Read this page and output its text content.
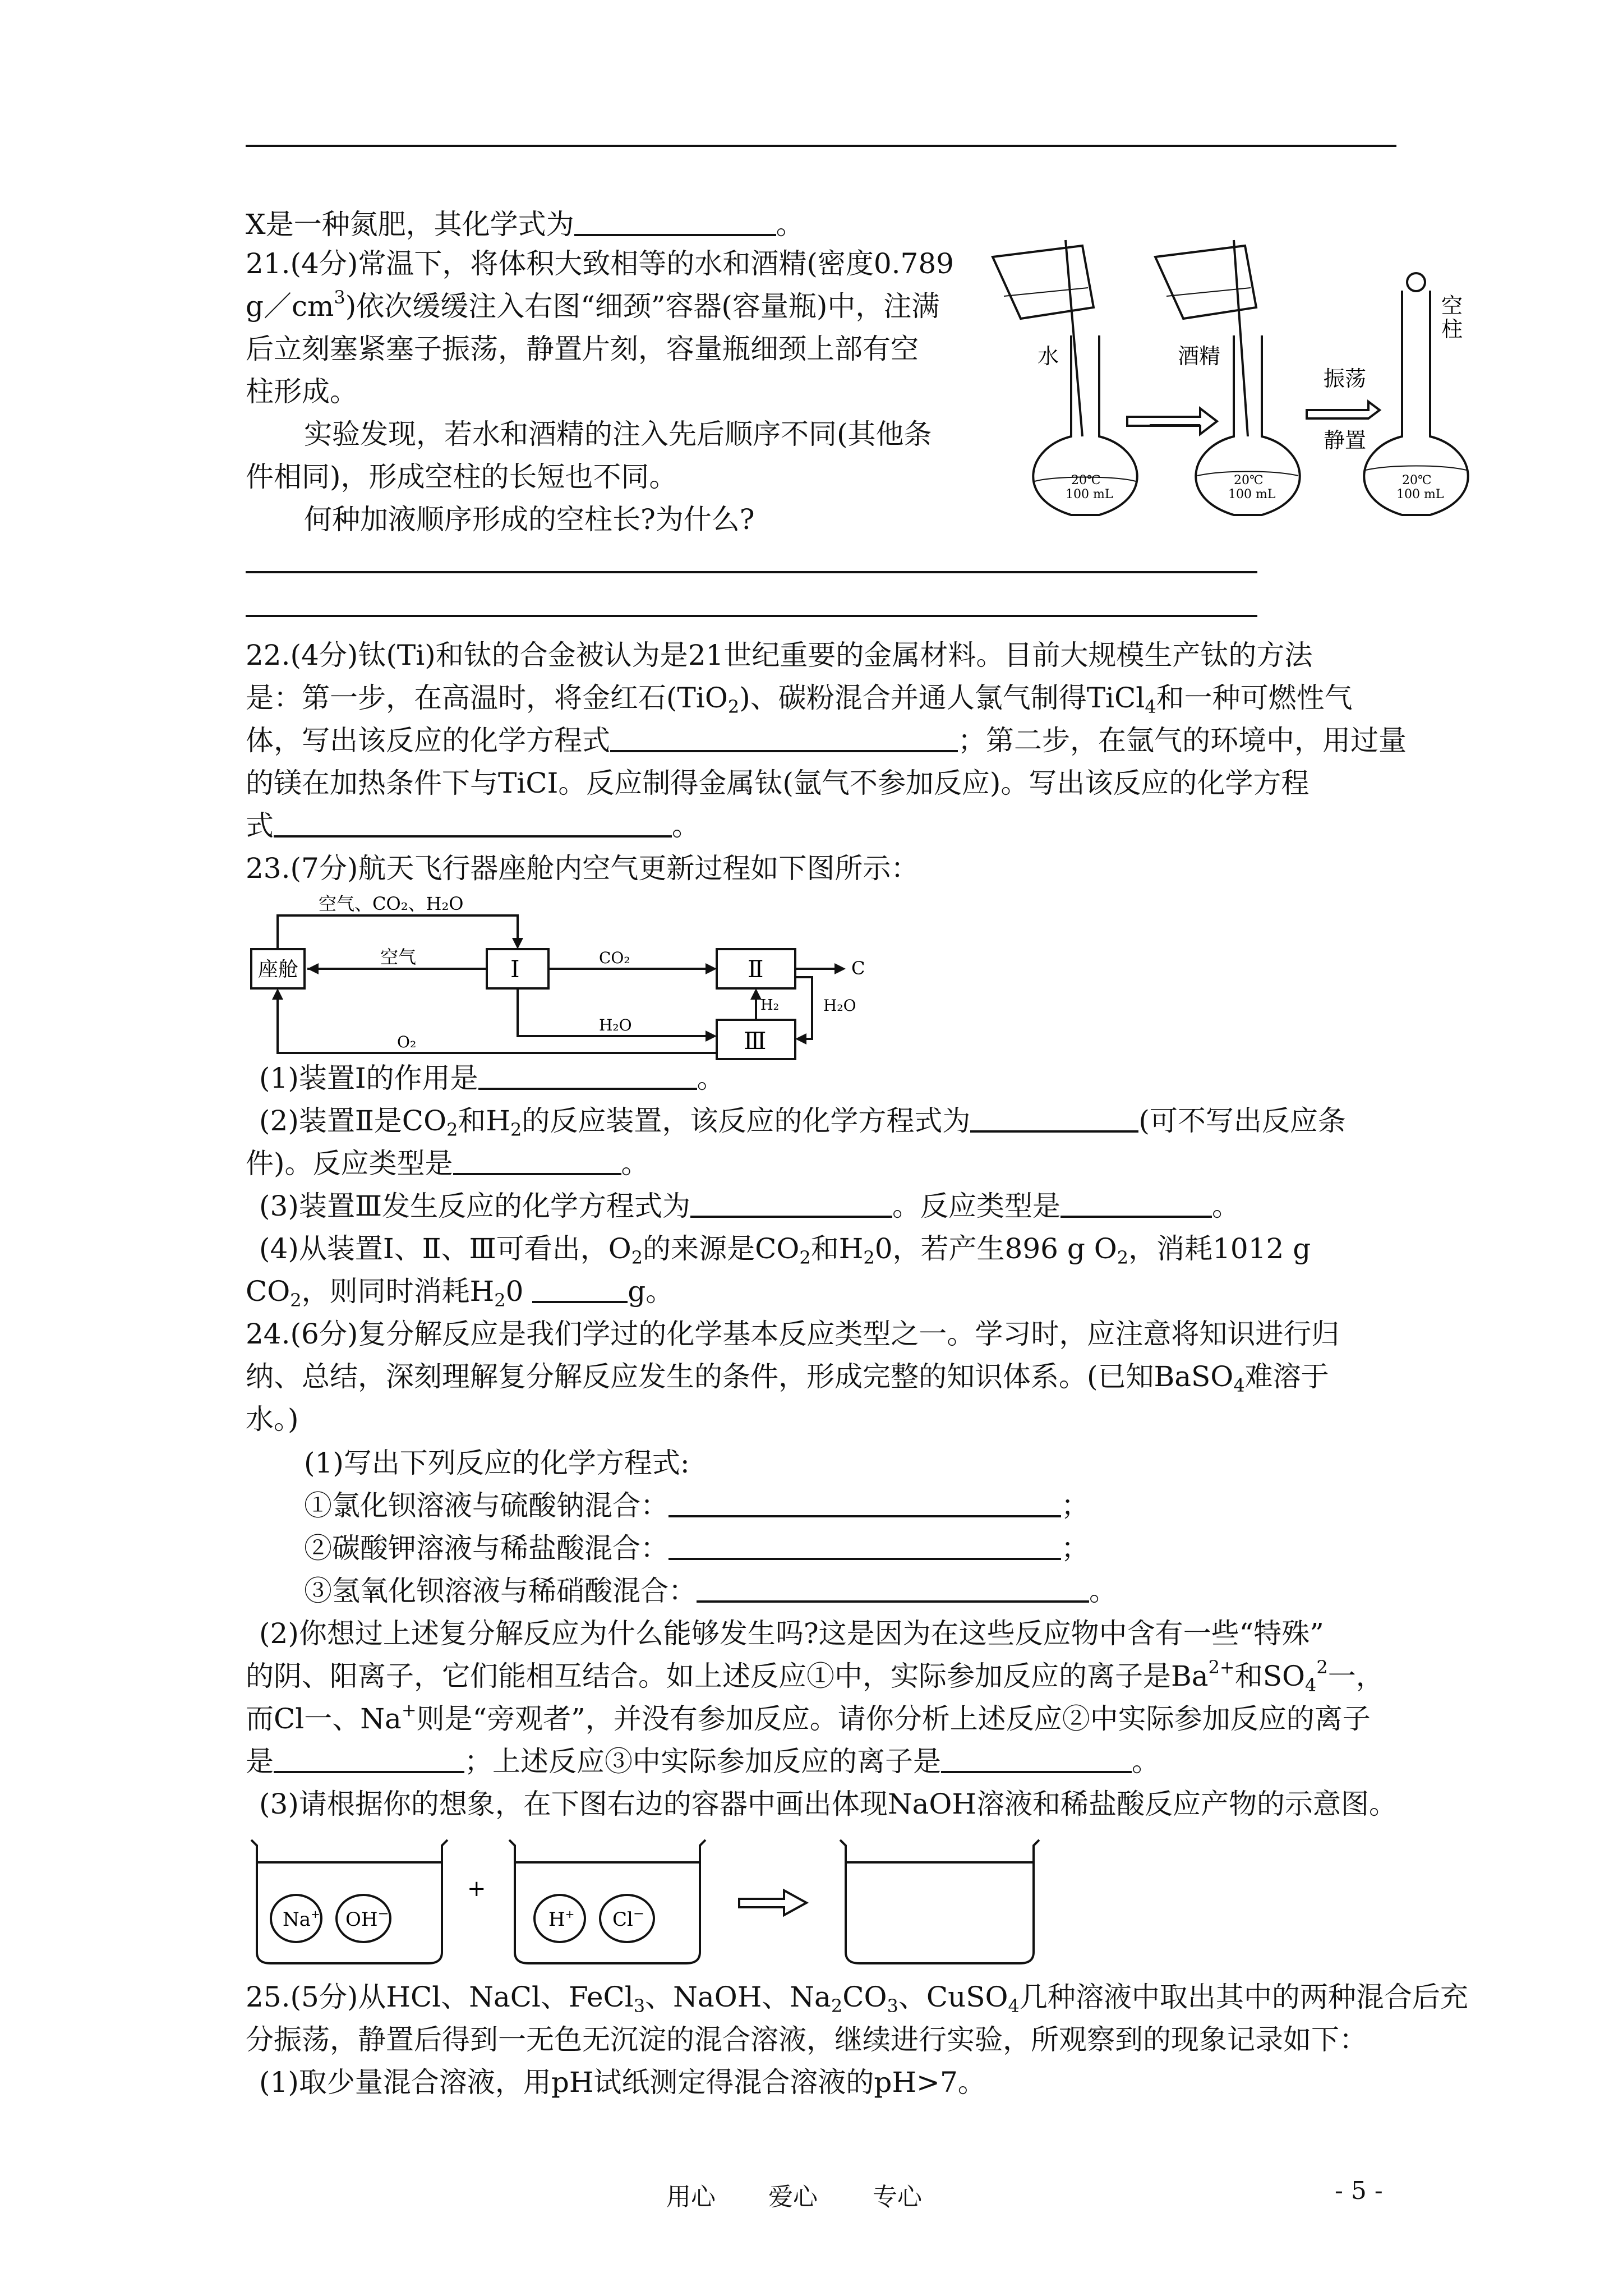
X是一种氮肥，其化学式为	。
21.(4分)常温下，将体积大致相等的水和酒精(密度0.789
$g/cm^3$)依次缓缓注入右图“细颈”容器(容量瓶)中，注满
后立刻塞紧塞子振荡，静置片刻，容量瓶细颈上部有空
柱形成。
实验发现，若水和酒精的注入先后顺序不同(其他条
件相同)，形成空柱的长短也不同。
何种加液顺序形成的空柱长?为什么?
水	酒精
振荡
静置
空
柱
20℃
100 mL
20℃
100 mL
20℃
100 mL
22.(4分)钛(Ti)和钛的合金被认为是21世纪重要的金属材料。目前大规模生产钛的方法
是：第一步，在高温时，将金红石(TiO$_2$)、碳粉混合并通人氯气制得TiCl$_4$和一种可燃性气
体，写出该反应的化学方程式	；第二步，在氩气的环境中，用过量
的镁在加热条件下与TiCI。反应制得金属钛(氩气不参加反应)。写出该反应的化学方程
式	。
23.(7分)航天飞行器座舱内空气更新过程如下图所示：
座舱	Ⅰ	Ⅱ
Ⅲ
空气、CO₂、H₂O
空气	CO₂
H₂O
O₂
H₂	H₂O
C
(1)装置Ⅰ的作用是	。
(2)装置Ⅱ是$CO_2$和$H_2$的反应装置，该反应的化学方程式为	(可不写出反应条
件)。反应类型是	。
(3)装置Ⅲ发生反应的化学方程式为	。反应类型是	。
(4)从装置Ⅰ、Ⅱ、Ⅲ可看出，$O_2$的来源是$CO_2$和$H_20$，若产生896 g $O_2$，消耗1012 g
$CO_2$，则同时消耗$H_20$	g。
24.(6分)复分解反应是我们学过的化学基本反应类型之一。学习时，应注意将知识进行归
纳、总结，深刻理解复分解反应发生的条件，形成完整的知识体系。(已知BaSO$_4$难溶于
水。)
(1)写出下列反应的化学方程式:
①氯化钡溶液与硫酸钠混合：	；
②碳酸钾溶液与稀盐酸混合：	；
③氢氧化钡溶液与稀硝酸混合：	。
(2)你想过上述复分解反应为什么能够发生吗?这是因为在这些反应物中含有一些“特殊”
的阴、阳离子，它们能相互结合。如上述反应①中，实际参加反应的离子是$Ba^{2+}$和$SO_4^2$一，
而Cl一、Na+则是“旁观者”，并没有参加反应。请你分析上述反应②中实际参加反应的离子
是	；上述反应③中实际参加反应的离子是	。
(3)请根据你的想象，在下图右边的容器中画出体现NaOH溶液和稀盐酸反应产物的示意图。
Na+ OH−	H+ Cl−
+
25.(5分)从HCl、NaCl、FeCl$_3$、NaOH、$Na_2CO_3$、CuSO$_4$几种溶液中取出其中的两种混合后充
分振荡，静置后得到一无色无沉淀的混合溶液，继续进行实验，所观察到的现象记录如下：
(1)取少量混合溶液，用pH试纸测定得混合溶液的pH>7。
用心 爱心 专心	- 5 -
